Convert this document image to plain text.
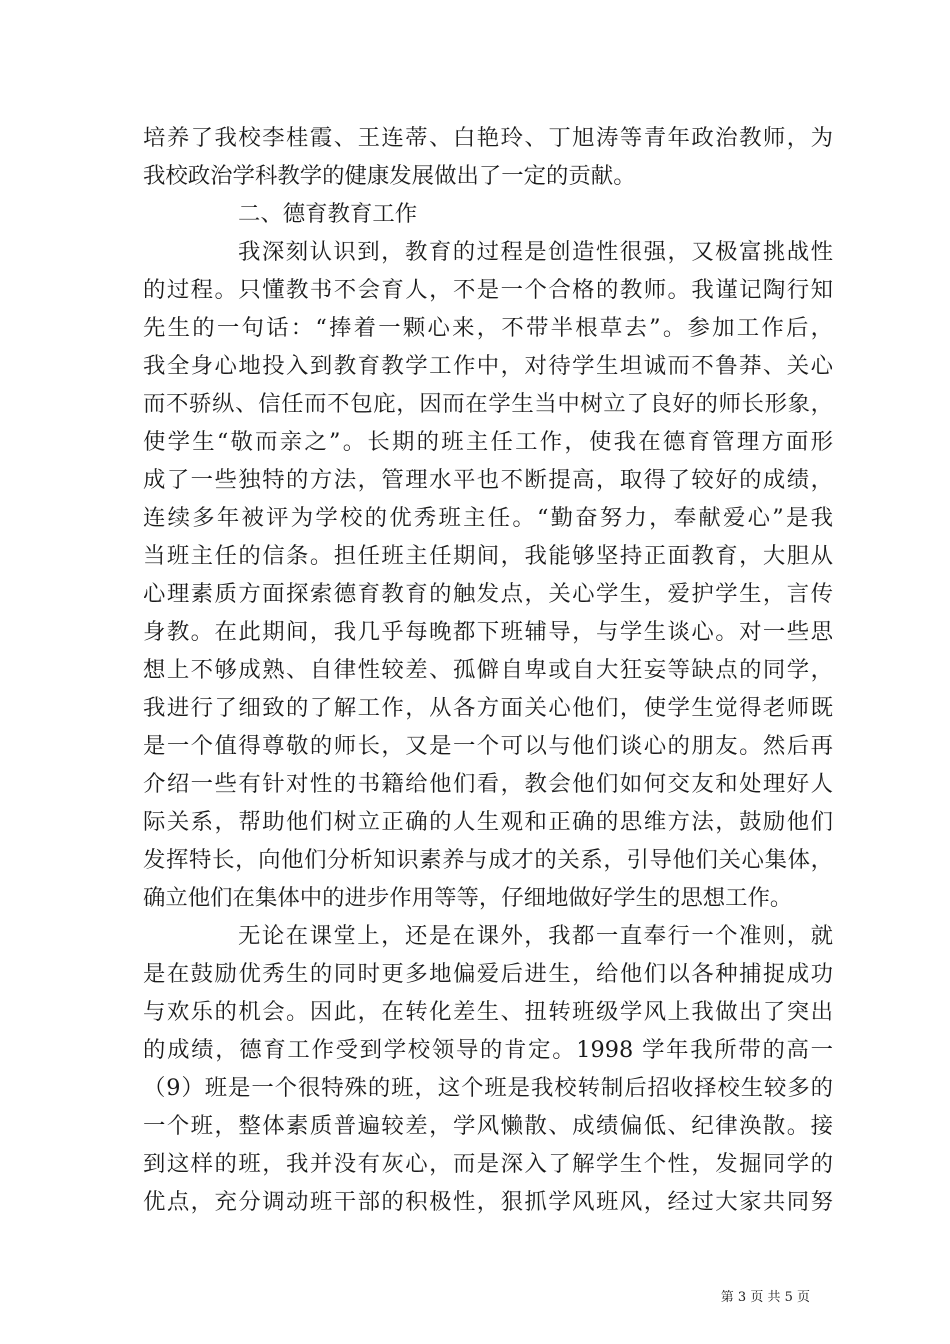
培养了我校李桂霞、王连蒂、白艳玲、丁旭涛等青年政治教师，为
我校政治学科教学的健康发展做出了一定的贡献。
二、德育教育工作
我深刻认识到，教育的过程是创造性很强，又极富挑战性
的过程。只懂教书不会育人，不是一个合格的教师。我谨记陶行知
先生的一句话：“捧着一颗心来，不带半根草去”。参加工作后，
我全身心地投入到教育教学工作中，对待学生坦诚而不鲁莽、关心
而不骄纵、信任而不包庇，因而在学生当中树立了良好的师长形象，
使学生“敬而亲之”。长期的班主任工作，使我在德育管理方面形
成了一些独特的方法，管理水平也不断提高，取得了较好的成绩，
连续多年被评为学校的优秀班主任。“勤奋努力，奉献爱心”是我
当班主任的信条。担任班主任期间，我能够坚持正面教育，大胆从
心理素质方面探索德育教育的触发点，关心学生，爱护学生，言传
身教。在此期间，我几乎每晚都下班辅导，与学生谈心。对一些思
想上不够成熟、自律性较差、孤僻自卑或自大狂妄等缺点的同学，
我进行了细致的了解工作，从各方面关心他们，使学生觉得老师既
是一个值得尊敬的师长，又是一个可以与他们谈心的朋友。然后再
介绍一些有针对性的书籍给他们看，教会他们如何交友和处理好人
际关系，帮助他们树立正确的人生观和正确的思维方法，鼓励他们
发挥特长，向他们分析知识素养与成才的关系，引导他们关心集体，
确立他们在集体中的进步作用等等，仔细地做好学生的思想工作。
无论在课堂上，还是在课外，我都一直奉行一个准则，就
是在鼓励优秀生的同时更多地偏爱后进生，给他们以各种捕捉成功
与欢乐的机会。因此，在转化差生、扭转班级学风上我做出了突出
的成绩，德育工作受到学校领导的肯定。1998 学年我所带的高一
（9）班是一个很特殊的班，这个班是我校转制后招收择校生较多的
一个班，整体素质普遍较差，学风懒散、成绩偏低、纪律涣散。接
到这样的班，我并没有灰心，而是深入了解学生个性，发掘同学的
优点，充分调动班干部的积极性，狠抓学风班风，经过大家共同努
第 3 页 共 5 页
